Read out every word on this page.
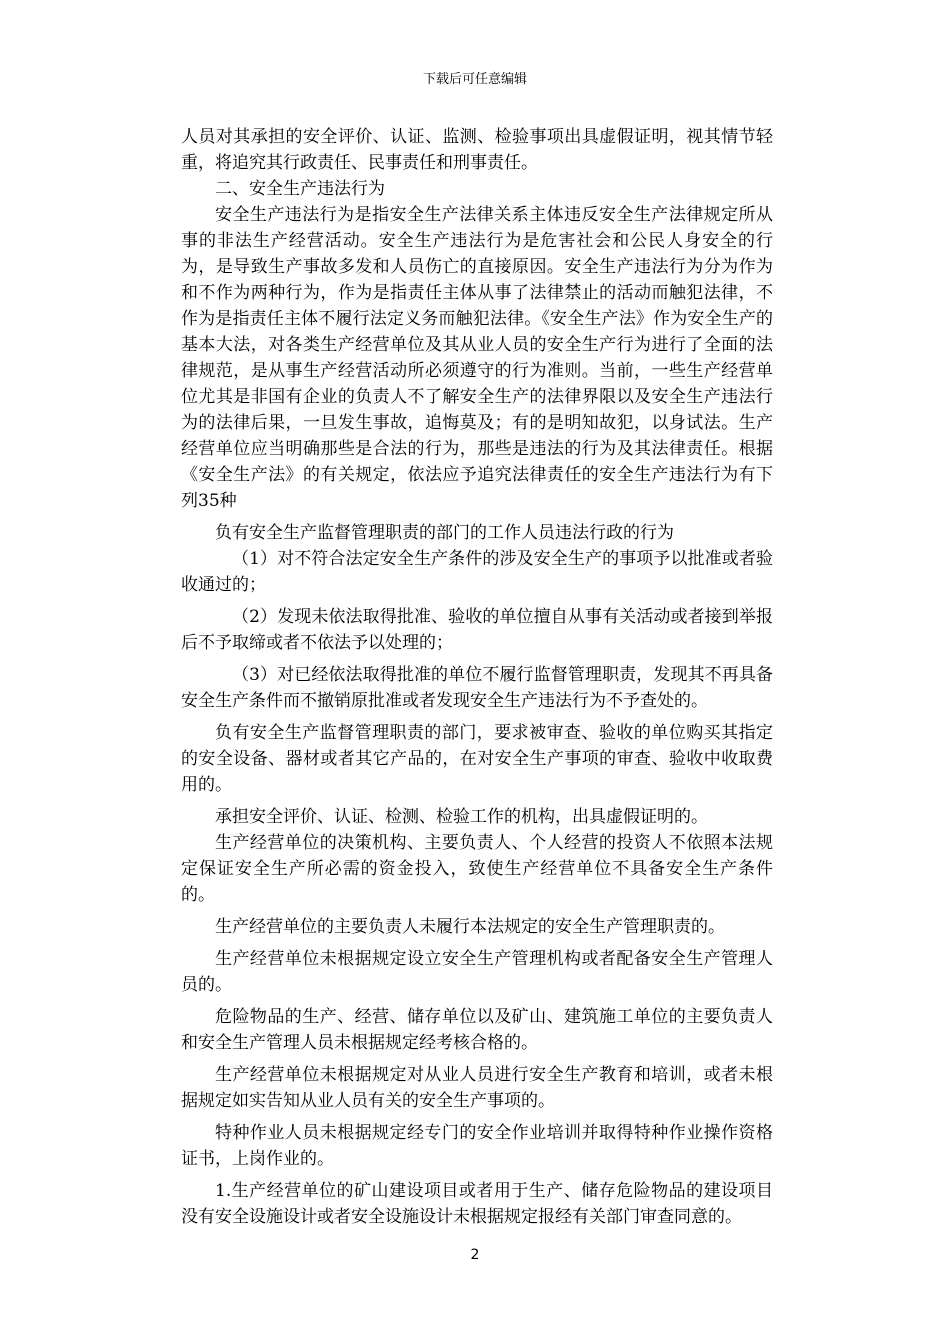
下载后可任意编辑

人员对其承担的安全评价、认证、监测、检验事项出具虚假证明，视其情节轻重，将追究其行政责任、民事责任和刑事责任。

二、安全生产违法行为

安全生产违法行为是指安全生产法律关系主体违反安全生产法律规定所从事的非法生产经营活动。安全生产违法行为是危害社会和公民人身安全的行为，是导致生产事故多发和人员伤亡的直接原因。安全生产违法行为分为作为和不作为两种行为，作为是指责任主体从事了法律禁止的活动而触犯法律，不作为是指责任主体不履行法定义务而触犯法律。《安全生产法》作为安全生产的基本大法，对各类生产经营单位及其从业人员的安全生产行为进行了全面的法律规范，是从事生产经营活动所必须遵守的行为准则。当前，一些生产经营单位尤其是非国有企业的负责人不了解安全生产的法律界限以及安全生产违法行为的法律后果，一旦发生事故，追悔莫及；有的是明知故犯，以身试法。生产经营单位应当明确那些是合法的行为，那些是违法的行为及其法律责任。根据《安全生产法》的有关规定，依法应予追究法律责任的安全生产违法行为有下列35种

负有安全生产监督管理职责的部门的工作人员违法行政的行为

（1）对不符合法定安全生产条件的涉及安全生产的事项予以批准或者验收通过的；

（2）发现未依法取得批准、验收的单位擅自从事有关活动或者接到举报后不予取缔或者不依法予以处理的；

（3）对已经依法取得批准的单位不履行监督管理职责，发现其不再具备安全生产条件而不撤销原批准或者发现安全生产违法行为不予查处的。

负有安全生产监督管理职责的部门，要求被审查、验收的单位购买其指定的安全设备、器材或者其它产品的，在对安全生产事项的审查、验收中收取费用的。

承担安全评价、认证、检测、检验工作的机构，出具虚假证明的。

生产经营单位的决策机构、主要负责人、个人经营的投资人不依照本法规定保证安全生产所必需的资金投入，致使生产经营单位不具备安全生产条件的。

生产经营单位的主要负责人未履行本法规定的安全生产管理职责的。

生产经营单位未根据规定设立安全生产管理机构或者配备安全生产管理人员的。

危险物品的生产、经营、储存单位以及矿山、建筑施工单位的主要负责人和安全生产管理人员未根据规定经考核合格的。

生产经营单位未根据规定对从业人员进行安全生产教育和培训，或者未根据规定如实告知从业人员有关的安全生产事项的。

特种作业人员未根据规定经专门的安全作业培训并取得特种作业操作资格证书，上岗作业的。

1.生产经营单位的矿山建设项目或者用于生产、储存危险物品的建设项目没有安全设施设计或者安全设施设计未根据规定报经有关部门审查同意的。

2
